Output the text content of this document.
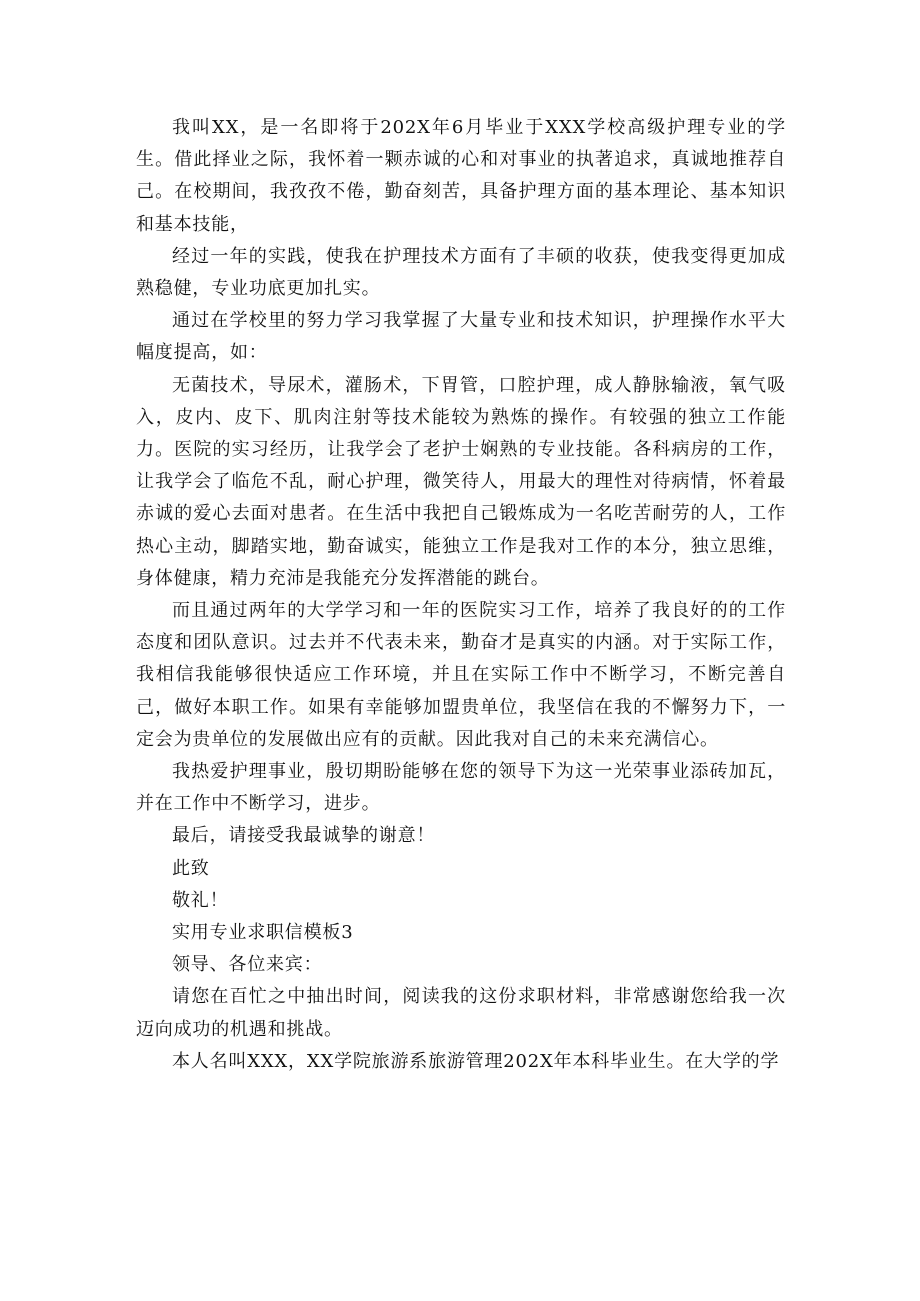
我叫XX，是一名即将于202X年6月毕业于XXX学校高级护理专业的学生。借此择业之际，我怀着一颗赤诚的心和对事业的执著追求，真诚地推荐自己。在校期间，我孜孜不倦，勤奋刻苦，具备护理方面的基本理论、基本知识和基本技能，

经过一年的实践，使我在护理技术方面有了丰硕的收获，使我变得更加成熟稳健，专业功底更加扎实。

通过在学校里的努力学习我掌握了大量专业和技术知识，护理操作水平大幅度提高，如：

无菌技术，导尿术，灌肠术，下胃管，口腔护理，成人静脉输液，氧气吸入，皮内、皮下、肌肉注射等技术能较为熟炼的操作。有较强的独立工作能力。医院的实习经历，让我学会了老护士娴熟的专业技能。各科病房的工作，让我学会了临危不乱，耐心护理，微笑待人，用最大的理性对待病情，怀着最赤诚的爱心去面对患者。在生活中我把自己锻炼成为一名吃苦耐劳的人，工作热心主动，脚踏实地，勤奋诚实，能独立工作是我对工作的本分，独立思维，身体健康，精力充沛是我能充分发挥潜能的跳台。

而且通过两年的大学学习和一年的医院实习工作，培养了我良好的的工作态度和团队意识。过去并不代表未来，勤奋才是真实的内涵。对于实际工作，我相信我能够很快适应工作环境，并且在实际工作中不断学习，不断完善自己，做好本职工作。如果有幸能够加盟贵单位，我坚信在我的不懈努力下，一定会为贵单位的发展做出应有的贡献。因此我对自己的未来充满信心。

我热爱护理事业，殷切期盼能够在您的领导下为这一光荣事业添砖加瓦，并在工作中不断学习，进步。

最后，请接受我最诚挚的谢意！

此致

敬礼！

实用专业求职信模板3

领导、各位来宾：

请您在百忙之中抽出时间，阅读我的这份求职材料，非常感谢您给我一次迈向成功的机遇和挑战。

本人名叫XXX，XX学院旅游系旅游管理202X年本科毕业生。在大学的学
